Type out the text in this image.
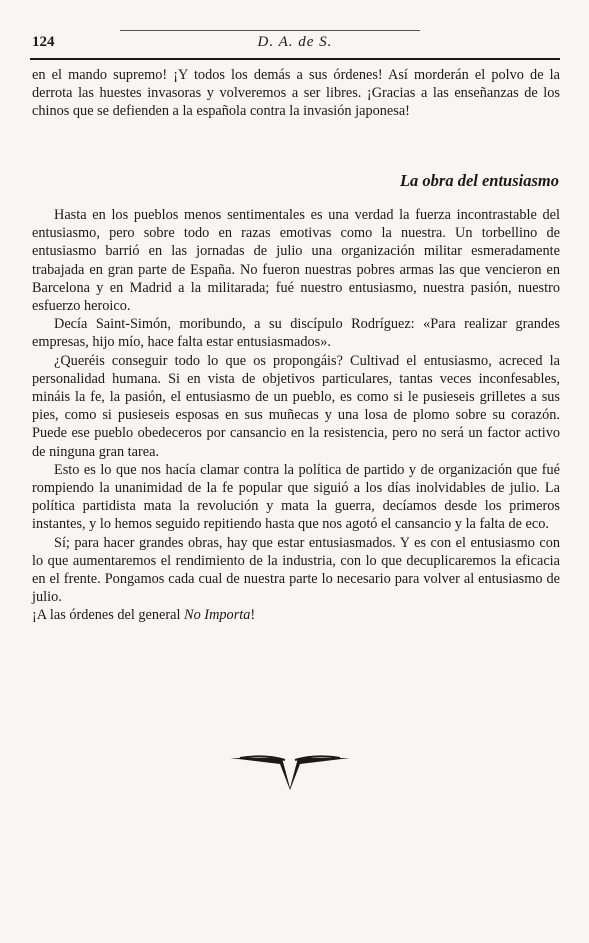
124	D. A. de S.

en el mando supremo! ¡Y todos los demás a sus órdenes! Así morderán el polvo de la derrota las huestes invasoras y volveremos a ser libres. ¡Gracias a las enseñanzas de los chinos que se defienden a la española contra la invasión japonesa!

La obra del entusiasmo

Hasta en los pueblos menos sentimentales es una verdad la fuerza incontrastable del entusiasmo, pero sobre todo en razas emotivas como la nuestra. Un torbellino de entusiasmo barrió en las jornadas de julio una organización militar esmeradamente trabajada en gran parte de España. No fueron nuestras pobres armas las que vencieron en Barcelona y en Madrid a la militarada; fué nuestro entusiasmo, nuestra pasión, nuestro esfuerzo heroico.

Decía Saint-Simón, moribundo, a su discípulo Rodríguez: «Para realizar grandes empresas, hijo mío, hace falta estar entusiasmados».

¿Queréis conseguir todo lo que os propongáis? Cultivad el entusiasmo, acreced la personalidad humana. Si en vista de objetivos particulares, tantas veces inconfesables, mináis la fe, la pasión, el entusiasmo de un pueblo, es como si le pusieseis grilletes a sus pies, como si pusieseis esposas en sus muñecas y una losa de plomo sobre su corazón. Puede ese pueblo obedeceros por cansancio en la resistencia, pero no será un factor activo de ninguna gran tarea.

Esto es lo que nos hacía clamar contra la política de partido y de organización que fué rompiendo la unanimidad de la fe popular que siguió a los días inolvidables de julio. La política partidista mata la revolución y mata la guerra, decíamos desde los primeros instantes, y lo hemos seguido repitiendo hasta que nos agotó el cansancio y la falta de eco.

Sí; para hacer grandes obras, hay que estar entusiasmados. Y es con el entusiasmo con lo que aumentaremos el rendimiento de la industria, con lo que decuplicaremos la eficacia en el frente. Pongamos cada cual de nuestra parte lo necesario para volver al entusiasmo de julio.

¡A las órdenes del general No Importa!
